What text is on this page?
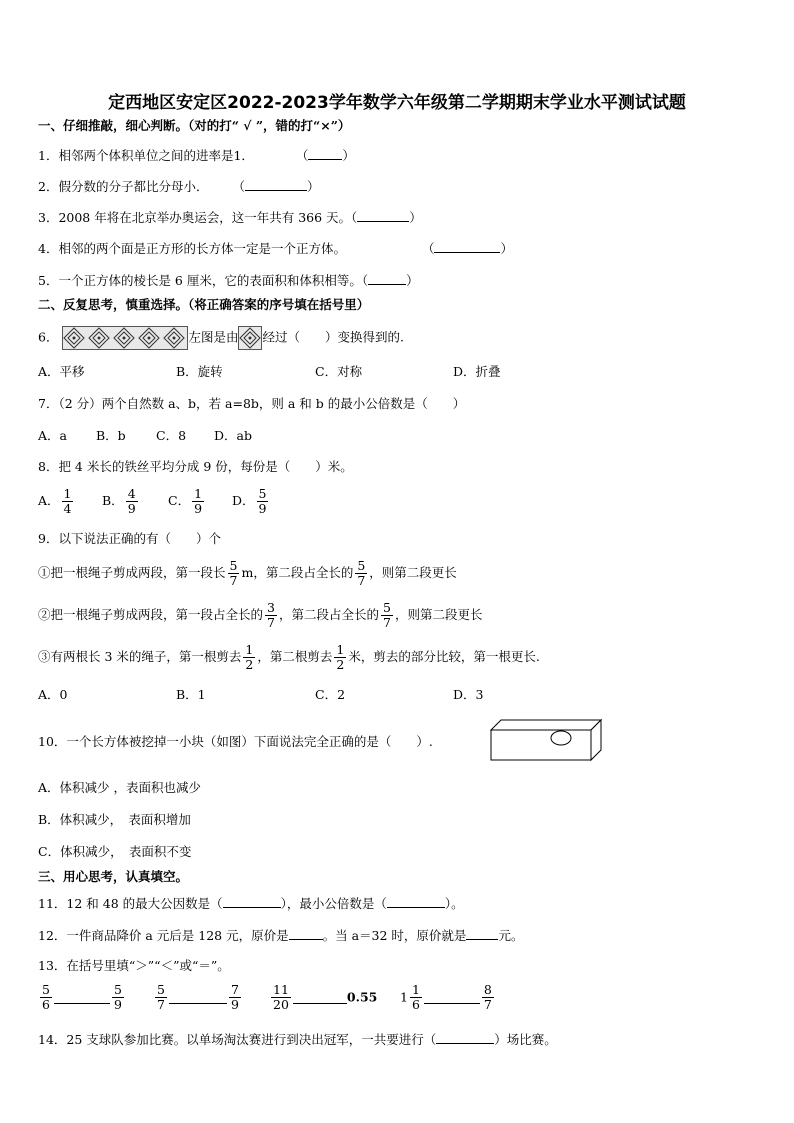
定西地区安定区2022-2023学年数学六年级第二学期期末学业水平测试试题
一、仔细推敲，细心判断。（对的打“ √ ”，错的打“×”）
1．相邻两个体积单位之间的进率是1．	（	）
2．假分数的分子都比分母小． （	）
3．2008 年将在北京举办奥运会，这一年共有 366 天。（	）
4．相邻的两个面是正方形的长方体一定是一个正方体。	（	）
5．一个正方体的棱长是 6 厘米，它的表面积和体积相等。（	）
二、反复思考，慎重选择。（将正确答案的序号填在括号里）
6．	左图是由 经过（　　）变换得到的.
A．平移	B．旋转	C．对称	D．折叠
7．（2 分）两个自然数 a、b，若 a=8b，则 a 和 b 的最小公倍数是（　　）
A．a B．b C．8 D．ab
8．把 4 米长的铁丝平均分成 9 份，每份是（　　）米。
A． $\frac{1}{4}$ B． $\frac{4}{9}$ C． $\frac{1}{9}$ D． $\frac{5}{9}$
9．以下说法正确的有（　　）个
①把一根绳子剪成两段，第一段长 $\frac{5}{7}$ m，第二段占全长的 $\frac{5}{7}$ ，则第二段更长
②把一根绳子剪成两段，第一段占全长的 $\frac{3}{7}$ ，第二段占全长的 $\frac{5}{7}$ ，则第二段更长
③有两根长 3 米的绳子，第一根剪去 $\frac{1}{2}$ ，第二根剪去 $\frac{1}{2}$ 米，剪去的部分比较，第一根更长.
A．0	B．1	C．2	D．3
10．一个长方体被挖掉一小块（如图）下面说法完全正确的是（　　）.
A．体积减少 ，表面积也减少
B．体积减少，　表面积增加
C．体积减少，　表面积不变
三、用心思考，认真填空。
11．12 和 48 的最大公因数是（	），最小公倍数是（	）。
12．一件商品降价 a 元后是 128 元，原价是	。当 a＝32 时，原价就是	元。
13．在括号里填“＞”“＜”或“＝”。
$\frac{5}{6}$	$\frac{5}{9} \frac{5}{7}$	$\frac{7}{9} \frac{11}{20}$	0.55 $1 \frac{1}{6}$	$\frac{8}{7}$
14．25 支球队参加比赛。以单场淘汰赛进行到决出冠军，一共要进行（	）场比赛。
